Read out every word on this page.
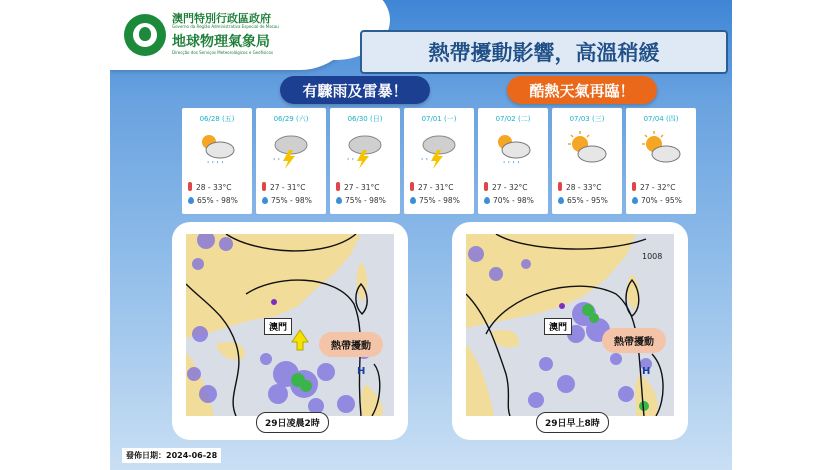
澳門特別行政區政府
Governo da Região Administrativa Especial de Macau
地球物理氣象局
Direcção dos Serviços Meteorológicos e Geofísicos	熱帶擾動影響，高溫稍緩
有驟雨及雷暴！	酷熱天氣再臨！
06/28 (五)
' ' ' '
28 - 33°C
65% - 98%
06/29 (六)
' '
27 - 31°C
75% - 98%
06/30 (日)
' '
27 - 31°C
75% - 98%
07/01 (一)
' '
27 - 31°C
75% - 98%
07/02 (二)
' ' ' '
27 - 32°C
70% - 98%
07/03 (三)
28 - 33°C
65% - 95%
07/04 (四)
27 - 32°C
70% - 95%
澳門
熱帶擾動
H
29日凌晨2時
1008
澳門
熱帶擾動
H
29日早上8時
發佈日期：2024-06-28
